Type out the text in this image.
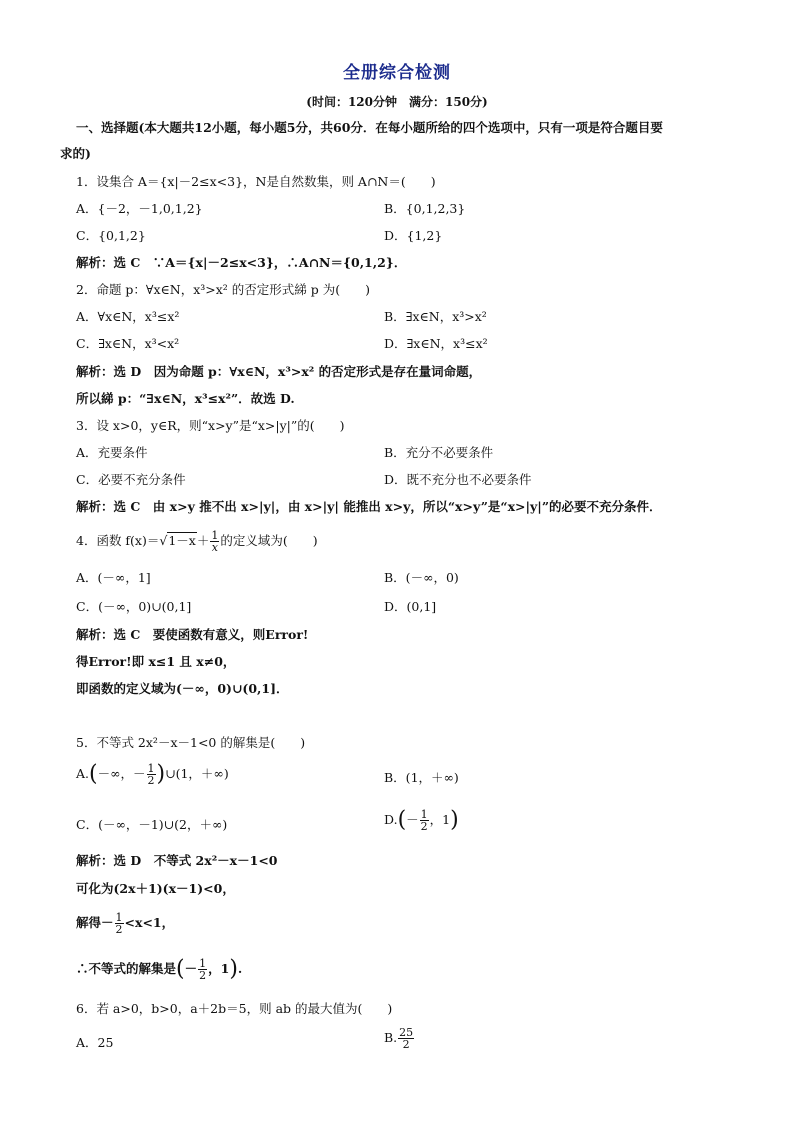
全册综合检测
(时间：120分钟　满分：150分)
一、选择题(本大题共12小题，每小题5分，共60分．在每小题所给的四个选项中，只有一项是符合题目要
求的)
1．设集合 A＝{x|－2≤x<3}，N是自然数集，则 A∩N＝(　　)
A．{－2，－1,0,1,2}	B．{0,1,2,3}
C．{0,1,2}	D．{1,2}
解析：选 C　∵A＝{x|－2≤x<3}，∴A∩N＝{0,1,2}．
2．命题 p：∀x∈N，x³>x² 的否定形式綈 p 为(　　)
A．∀x∈N，x³≤x²	B．∃x∈N，x³>x²
C．∃x∈N，x³<x²	D．∃x∈N，x³≤x²
解析：选 D　因为命题 p：∀x∈N，x³>x² 的否定形式是存在量词命题，
所以綈 p：“∃x∈N，x³≤x²”．故选 D.
3．设 x>0，y∈R，则“x>y”是“x>|y|”的(　　)
A．充要条件	B．充分不必要条件
C．必要不充分条件	D．既不充分也不必要条件
解析：选 C　由 x>y 推不出 x>|y|，由 x>|y| 能推出 x>y，所以“x>y”是“x>|y|”的必要不充分条件．
4．函数 $f(x)=√1-x+ \frac{1}{x}$ 的定义域为(　　)
A．(－∞，1]	B．(－∞，0)
C．(－∞，0)∪(0,1]	D．(0,1]
解析：选 C　要使函数有意义，则Error!
得Error!即 x≤1 且 x≠0，
即函数的定义域为(－∞，0)∪(0,1]．
5．不等式 2x²－x－1<0 的解集是(　　)
A.(－∞，－ $\frac{1}{2}$ )∪(1，＋∞)	B．(1，＋∞)
C．(－∞，－1)∪(2，＋∞)	$D.(- \frac{1}{2}$ ，1)
解析：选 D　不等式 2x²－x－1<0
可化为(2x＋1)(x－1)<0，
解得－ $\frac{1}{2} <x<1$，
∴不等式的解集是(－ $\frac{1}{2}$ ，1).
6．若 a>0，b>0，a＋2b＝5，则 ab 的最大值为(　　)
A．25	B. $\frac{25}{2}$
